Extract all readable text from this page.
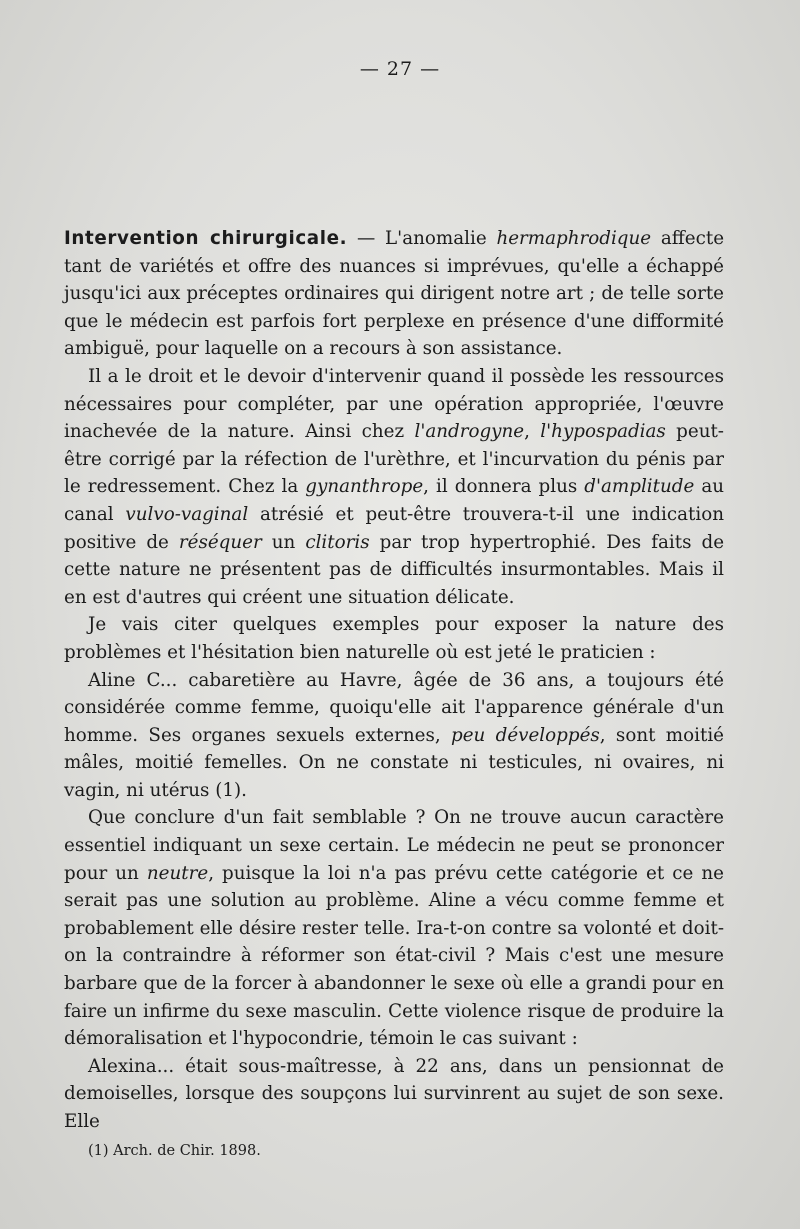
— 27 —

Intervention chirurgicale. — L'anomalie hermaphrodique affecte tant de variétés et offre des nuances si imprévues, qu'elle a échappé jusqu'ici aux préceptes ordinaires qui dirigent notre art ; de telle sorte que le médecin est parfois fort perplexe en présence d'une difformité ambiguë, pour laquelle on a recours à son assistance.

Il a le droit et le devoir d'intervenir quand il possède les ressources nécessaires pour compléter, par une opération appropriée, l'œuvre inachevée de la nature. Ainsi chez l'androgyne, l'hypospadias peut-être corrigé par la réfection de l'urèthre, et l'incurvation du pénis par le redressement. Chez la gynanthrope, il donnera plus d'amplitude au canal vulvo-vaginal atrésié et peut-être trouvera-t-il une indication positive de réséquer un clitoris par trop hypertrophié. Des faits de cette nature ne présentent pas de difficultés insurmontables. Mais il en est d'autres qui créent une situation délicate.

Je vais citer quelques exemples pour exposer la nature des problèmes et l'hésitation bien naturelle où est jeté le praticien :

Aline C... cabaretière au Havre, âgée de 36 ans, a toujours été considérée comme femme, quoiqu'elle ait l'apparence générale d'un homme. Ses organes sexuels externes, peu développés, sont moitié mâles, moitié femelles. On ne constate ni testicules, ni ovaires, ni vagin, ni utérus (1).

Que conclure d'un fait semblable ? On ne trouve aucun caractère essentiel indiquant un sexe certain. Le médecin ne peut se prononcer pour un neutre, puisque la loi n'a pas prévu cette catégorie et ce ne serait pas une solution au problème. Aline a vécu comme femme et probablement elle désire rester telle. Ira-t-on contre sa volonté et doit-on la contraindre à réformer son état-civil ? Mais c'est une mesure barbare que de la forcer à abandonner le sexe où elle a grandi pour en faire un infirme du sexe masculin. Cette violence risque de produire la démoralisation et l'hypocondrie, témoin le cas suivant :

Alexina... était sous-maîtresse, à 22 ans, dans un pensionnat de demoiselles, lorsque des soupçons lui survinrent au sujet de son sexe. Elle

(1) Arch. de Chir. 1898.
